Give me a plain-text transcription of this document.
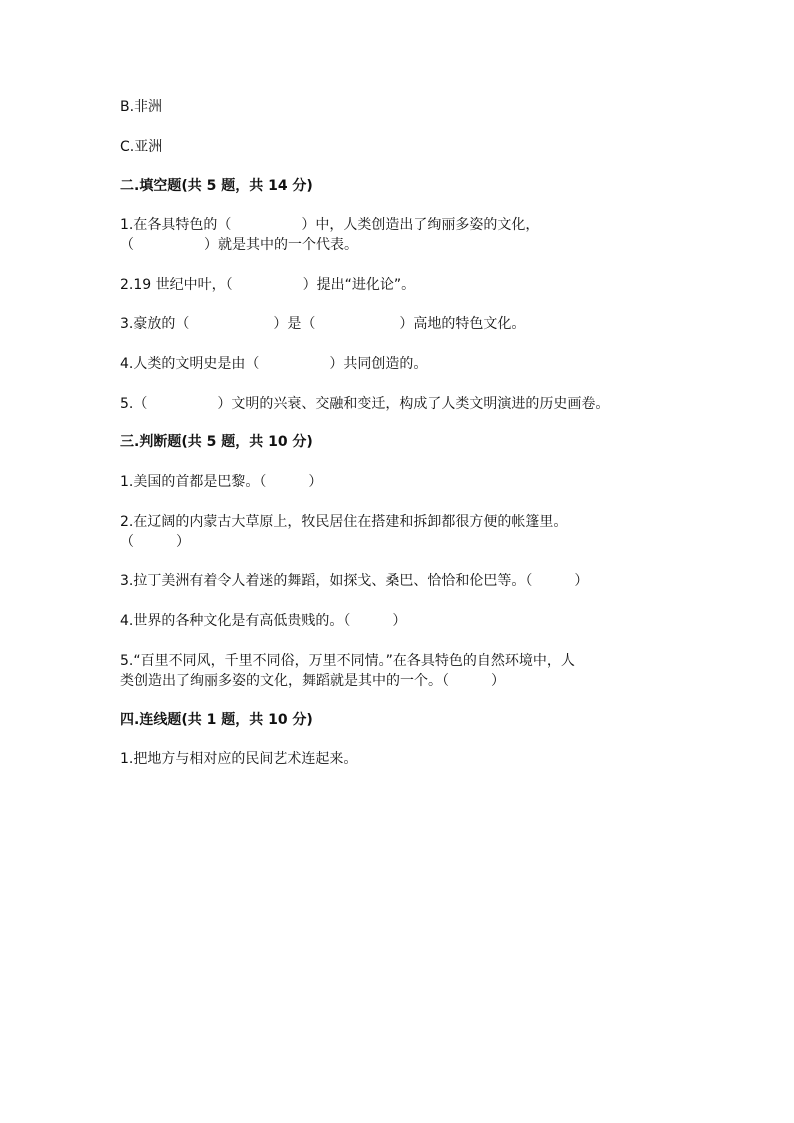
B.非洲
C.亚洲
二.填空题(共 5 题，共 14 分)
1.在各具特色的（　　　　　）中，人类创造出了绚丽多姿的文化，
（　　　　　）就是其中的一个代表。
2.19 世纪中叶，（　　　　　）提出“进化论”。
3.豪放的（　　　　　　）是（　　　　　　）高地的特色文化。
4.人类的文明史是由（　　　　　）共同创造的。
5.（　　　　　）文明的兴衰、交融和变迁，构成了人类文明演进的历史画卷。
三.判断题(共 5 题，共 10 分)
1.美国的首都是巴黎。（　　　）
2.在辽阔的内蒙古大草原上，牧民居住在搭建和拆卸都很方便的帐篷里。
（　　　）
3.拉丁美洲有着令人着迷的舞蹈，如探戈、桑巴、恰恰和伦巴等。（　　　）
4.世界的各种文化是有高低贵贱的。（　　　）
5.“百里不同风，千里不同俗，万里不同情。”在各具特色的自然环境中，人
类创造出了绚丽多姿的文化，舞蹈就是其中的一个。（　　　）
四.连线题(共 1 题，共 10 分)
1.把地方与相对应的民间艺术连起来。
